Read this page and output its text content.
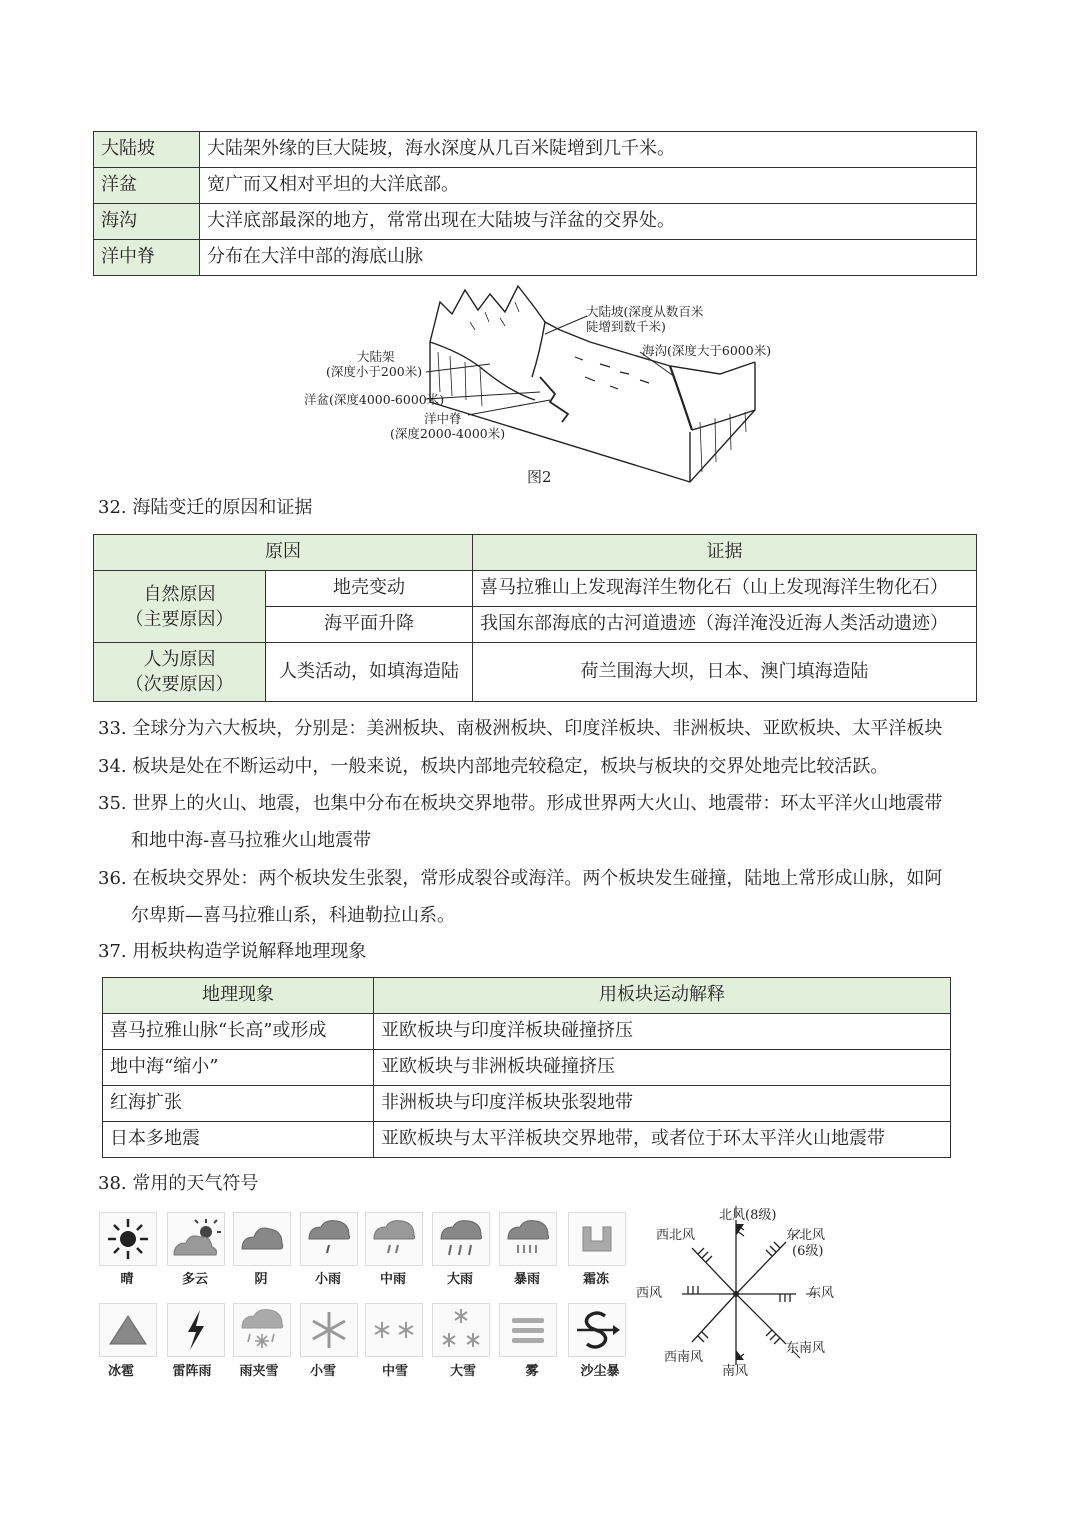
大陆坡	大陆架外缘的巨大陡坡，海水深度从几百米陡增到几千米。
洋盆	宽广而又相对平坦的大洋底部。
海沟	大洋底部最深的地方，常常出现在大陆坡与洋盆的交界处。
洋中脊	分布在大洋中部的海底山脉
大陆坡(深度从数百米
陡增到数千米)
海沟(深度大于6000米)
大陆架
(深度小于200米)
洋盆(深度4000-6000米)
洋中脊
(深度2000-4000米)
图2
32. 海陆变迁的原因和证据
原因		证据

自然原因
（主要原因）	地壳变动	喜马拉雅山上发现海洋生物化石（山上发现海洋生物化石）
	海平面升降	我国东部海底的古河道遗迹（海洋淹没近海人类活动遗迹）

人为原因
（次要原因）	人类活动，如填海造陆	荷兰围海大坝，日本、澳门填海造陆
33. 全球分为六大板块，分别是：美洲板块、南极洲板块、印度洋板块、非洲板块、亚欧板块、太平洋板块
34. 板块是处在不断运动中，一般来说，板块内部地壳较稳定，板块与板块的交界处地壳比较活跃。
35. 世界上的火山、地震，也集中分布在板块交界地带。形成世界两大火山、地震带：环太平洋火山地震带
和地中海-喜马拉雅火山地震带
36. 在板块交界处：两个板块发生张裂，常形成裂谷或海洋。两个板块发生碰撞，陆地上常形成山脉，如阿
尔卑斯—喜马拉雅山系，科迪勒拉山系。
37. 用板块构造学说解释地理现象
地理现象	用板块运动解释
喜马拉雅山脉“长高”或形成	亚欧板块与印度洋板块碰撞挤压
地中海“缩小”	亚欧板块与非洲板块碰撞挤压
红海扩张	非洲板块与印度洋板块张裂地带
日本多地震	亚欧板块与太平洋板块交界地带，或者位于环太平洋火山地震带
38. 常用的天气符号
晴	多云	阴	小雨	中雨	大雨	暴雨	霜冻
冰雹	雷阵雨	雨夹雪	小雪	中雪	大雪	雾	沙尘暴
北风(8级)
西北风	东北风
(6级)
西风	东风
西南风
东南风
南风
